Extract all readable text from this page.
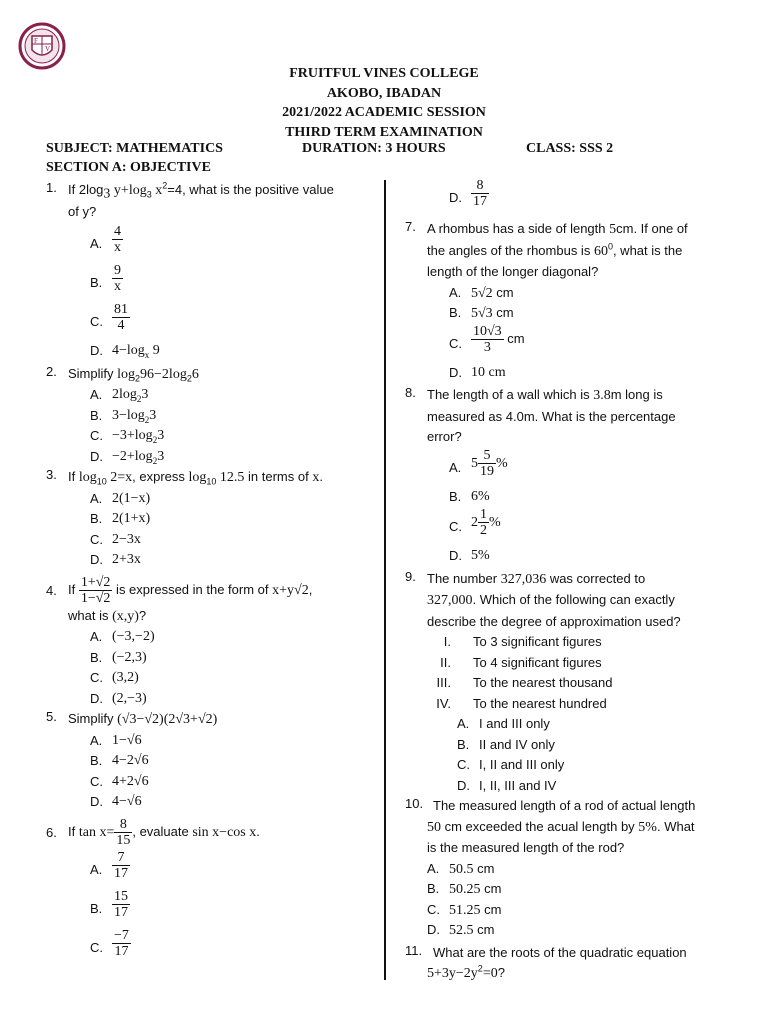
F
V
FRUITFUL VINES COLLEGE
AKOBO, IBADAN
2021/2022 ACADEMIC SESSION
THIRD TERM EXAMINATION
SUBJECT: MATHEMATICS	DURATION: 3 HOURS	CLASS: SSS 2
SECTION A: OBJECTIVE
1. If $2\log_3$ $y+\log_3$ $x^2=4$, what is the positive value
of y?
A. $\frac{4}{x}$
B. $\frac{9}{x}$
C. $\frac{81}{4}$
D. $4-\log_x$ 9
2. Simplify $\log_296-2\log_26$
A. $2\log_23$
B. $3-\log_23$
C. $-3+\log_23$
D. $-2+\log_23$
3. If $\log_{10} 2=x$, express $\log_{10} 12.5$ in terms of x.
A. 2(1−x)
B. 2(1+x)
C. 2−3x
D. 2+3x
4. If $\frac{1+√2}{1-√2}$ is expressed in the form of x+y√2,
what is (x,y)?
A. (−3,−2)
B. (−2,3)
C. (3,2)
D. (2,−3)
5. Simplify (√3−√2)(2√3+√2)
A. 1−√6
B. 4−2√6
C. 4+2√6
D. 4−√6
6. If $\tan x= \frac{8}{15}$ , evaluate sin x−cos x.
A. $\frac{7}{17}$
B. $\frac{15}{17}$
C. $\frac{-7}{17}$
D. $\frac{8}{17}$
7. A rhombus has a side of length 5cm. If one of
the angles of the rhombus is $60^0$, what is the
length of the longer diagonal?
A. 5√2 cm
B. 5√3 cm
C. $\frac{10√3}{3}$ cm
D. 10 cm
8. The length of a wall which is 3.8m long is
measured as 4.0m. What is the percentage
error?
A. $5 \frac{5}{19}$ %
B. 6%
C. $2 \frac{1}{2}$ %
D. 5%
9. The number 327,036 was corrected to
327,000. Which of the following can exactly
describe the degree of approximation used?
I. To 3 significant figures
II. To 4 significant figures
III. To the nearest thousand
IV. To the nearest hundred
A. I and III only
B. II and IV only
C. I, II and III only
D. I, II, III and IV
10. The measured length of a rod of actual length
50 cm exceeded the acual length by 5%. What
is the measured length of the rod?
A. 50.5 cm
B. 50.25 cm
C. 51.25 cm
D. 52.5 cm
11. What are the roots of the quadratic equation
$5+3y-2y^2=0$?
